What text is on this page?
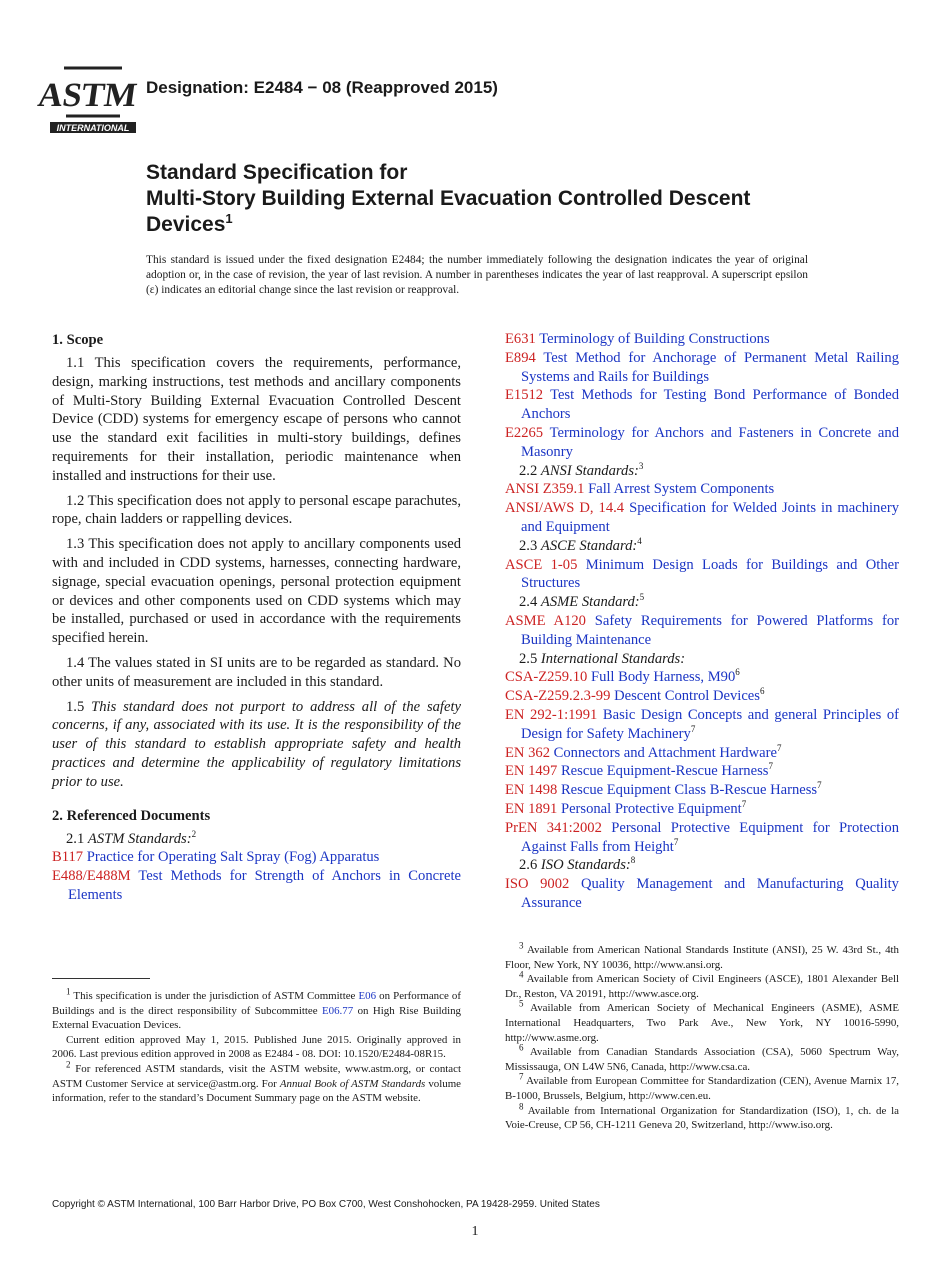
ASTM
INTERNATIONAL
Designation: E2484 − 08 (Reapproved 2015)
Standard Specification for
Multi-Story Building External Evacuation Controlled Descent
Devices$^1$
This standard is issued under the fixed designation E2484; the number immediately following the designation indicates the year of original adoption or, in the case of revision, the year of last revision. A number in parentheses indicates the year of last reapproval. A superscript epsilon (ε) indicates an editorial change since the last revision or reapproval.
1. Scope

1.1 This specification covers the requirements, performance, design, marking instructions, test methods and ancillary components of Multi-Story Building External Evacuation Controlled Descent Device (CDD) systems for emergency escape of persons who cannot use the standard exit facilities in multi-story buildings, defines requirements for their installation, periodic maintenance when installed and instructions for their use.

1.2 This specification does not apply to personal escape parachutes, rope, chain ladders or rappelling devices.

1.3 This specification does not apply to ancillary components used with and included in CDD systems, harnesses, connecting hardware, signage, special evacuation openings, personal protection equipment or devices and other components used on CDD systems which may be installed, purchased or used in accordance with the requirements specified herein.

1.4 The values stated in SI units are to be regarded as standard. No other units of measurement are included in this standard.

1.5 This standard does not purport to address all of the safety concerns, if any, associated with its use. It is the responsibility of the user of this standard to establish appropriate safety and health practices and determine the applicability of regulatory limitations prior to use.

2. Referenced Documents
2.1 ASTM Standards:$^2$
B117 Practice for Operating Salt Spray (Fog) Apparatus
E488/E488M Test Methods for Strength of Anchors in Concrete Elements

$^1$ This specification is under the jurisdiction of ASTM Committee E06 on Performance of Buildings and is the direct responsibility of Subcommittee E06.77 on High Rise Building External Evacuation Devices.

Current edition approved May 1, 2015. Published June 2015. Originally approved in 2006. Last previous edition approved in 2008 as E2484 - 08. DOI: 10.1520/E2484-08R15.

$^2$ For referenced ASTM standards, visit the ASTM website, www.astm.org, or contact ASTM Customer Service at service@astm.org. For Annual Book of ASTM Standards volume information, refer to the standard’s Document Summary page on the ASTM website.

E631 Terminology of Building Constructions
E894 Test Method for Anchorage of Permanent Metal Railing Systems and Rails for Buildings
E1512 Test Methods for Testing Bond Performance of Bonded Anchors
E2265 Terminology for Anchors and Fasteners in Concrete and Masonry
2.2 ANSI Standards:$^3$
ANSI Z359.1 Fall Arrest System Components
ANSI/AWS D, 14.4 Specification for Welded Joints in machinery and Equipment
2.3 ASCE Standard:$^4$
ASCE 1-05 Minimum Design Loads for Buildings and Other Structures
2.4 ASME Standard:$^5$
ASME A120 Safety Requirements for Powered Platforms for Building Maintenance
2.5 International Standards:
CSA-Z259.10 Full Body Harness, $M90^6$
CSA-Z259.2.3-99 Descent Control Devices$^6$
EN 292-1:1991 Basic Design Concepts and general Principles of Design for Safety Machinery$^7$
EN 362 Connectors and Attachment Hardware$^7$
EN 1497 Rescue Equipment-Rescue Harness$^7$
EN 1498 Rescue Equipment Class B-Rescue Harness$^7$
EN 1891 Personal Protective Equipment$^7$
PrEN 341:2002 Personal Protective Equipment for Protection Against Falls from Height$^7$
2.6 ISO Standards:$^8$
ISO 9002 Quality Management and Manufacturing Quality Assurance

$^3$ Available from American National Standards Institute (ANSI), 25 W. 43rd St., 4th Floor, New York, NY 10036, http://www.ansi.org.

$^4$ Available from American Society of Civil Engineers (ASCE), 1801 Alexander Bell Dr., Reston, VA 20191, http://www.asce.org.

$^5$ Available from American Society of Mechanical Engineers (ASME), ASME International Headquarters, Two Park Ave., New York, NY 10016-5990, http://www.asme.org.

$^6$ Available from Canadian Standards Association (CSA), 5060 Spectrum Way, Mississauga, ON L4W 5N6, Canada, http://www.csa.ca.

$^7$ Available from European Committee for Standardization (CEN), Avenue Marnix 17, B-1000, Brussels, Belgium, http://www.cen.eu.

$^8$ Available from International Organization for Standardization (ISO), 1, ch. de la Voie-Creuse, CP 56, CH-1211 Geneva 20, Switzerland, http://www.iso.org.

Copyright © ASTM International, 100 Barr Harbor Drive, PO Box C700, West Conshohocken, PA 19428-2959. United States
1
